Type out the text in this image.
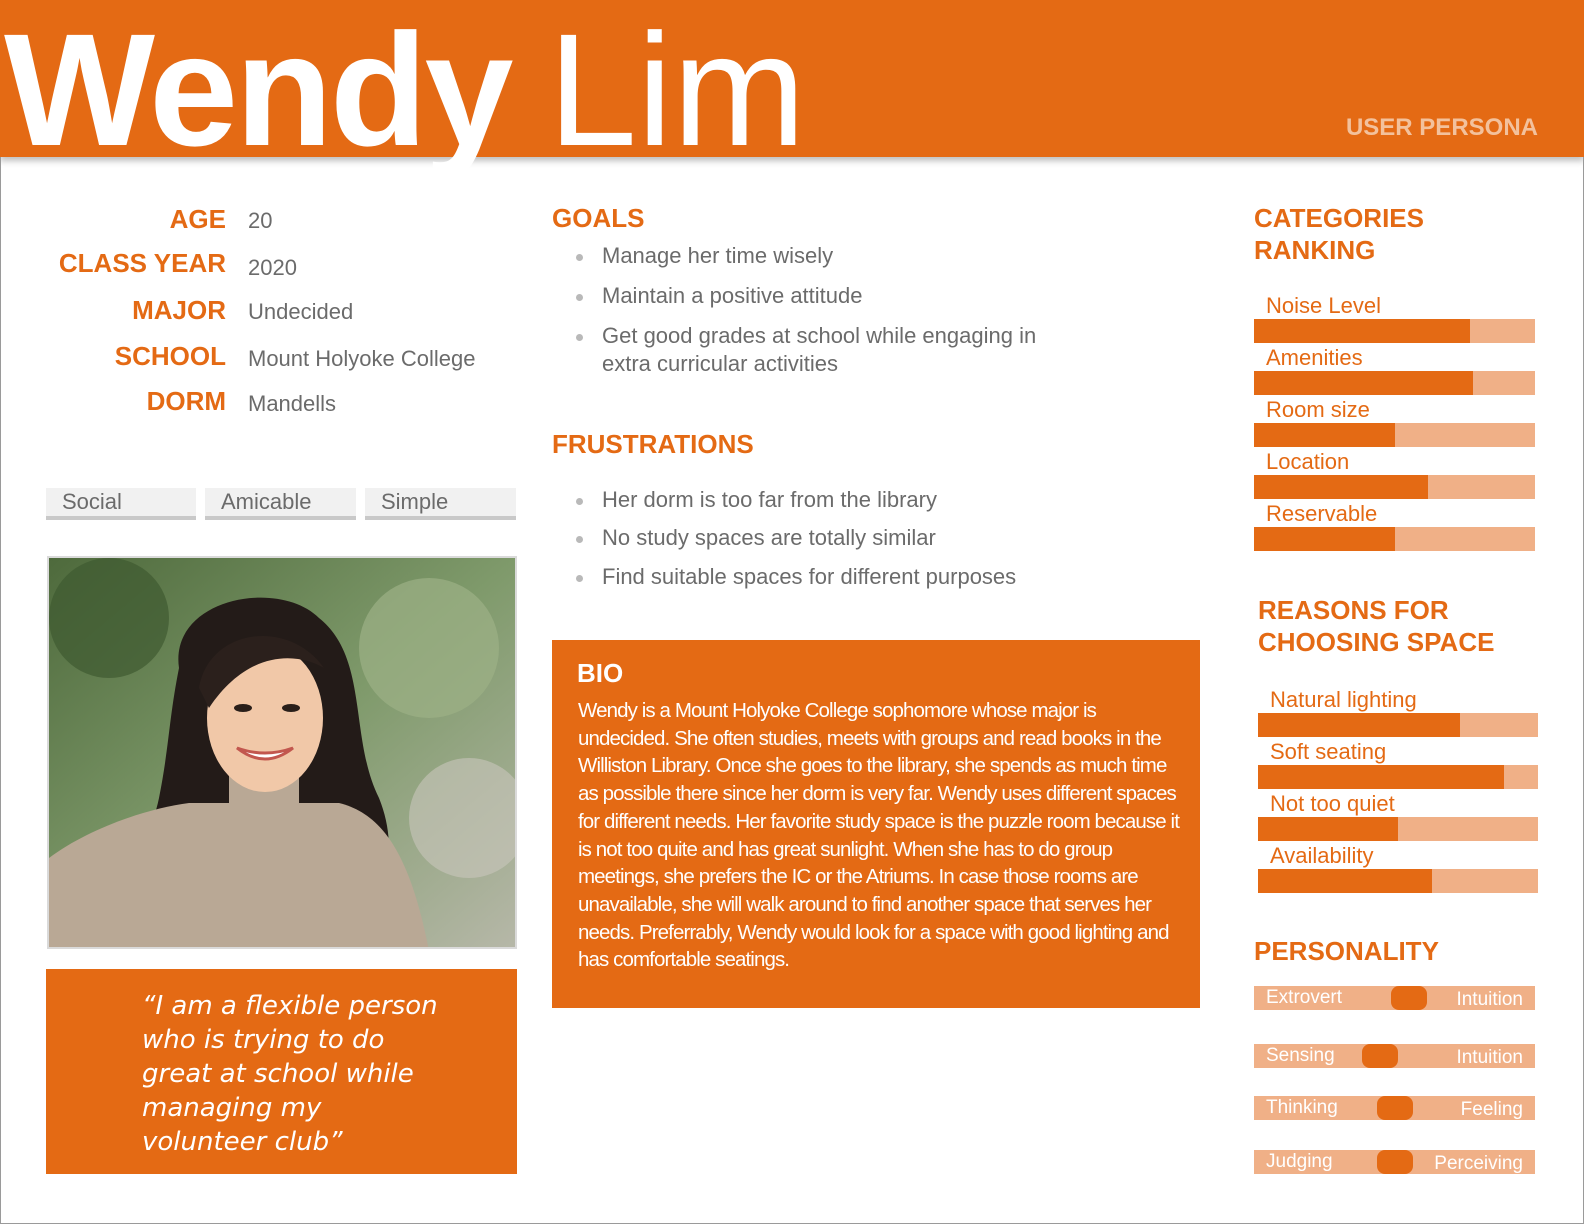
Wendy Lim	USER PERSONA
AGE 20
CLASS YEAR 2020
MAJOR Undecided
SCHOOL Mount Holyoke College
DORM Mandells
Social	Amicable	Simple
“I am a flexible person who is trying to do great at school while managing my volunteer club”
GOALS
Manage her time wisely
Maintain a positive attitude
Get good grades at school while engaging in extra curricular activities
FRUSTRATIONS
Her dorm is too far from the library
No study spaces are totally similar
Find suitable spaces for different purposes
BIO
Wendy is a Mount Holyoke College sophomore whose major is undecided. She often studies, meets with groups and read books in the Williston Library. Once she goes to the library, she spends as much time as possible there since her dorm is very far. Wendy uses different spaces for different needs. Her favorite study space is the puzzle room because it is not too quite and has great sunlight. When she has to do group meetings, she prefers the IC or the Atriums. In case those rooms are unavailable, she will walk around to find another space that serves her needs. Preferrably, Wendy would look for a space with good lighting and has comfortable seatings.
CATEGORIES
RANKING
Noise Level
Amenities
Room size
Location
Reservable
REASONS FOR
CHOOSING SPACE
Natural lighting
Soft seating
Not too quiet
Availability
PERSONALITY
Extrovert	Intuition
Sensing	Intuition
Thinking	Feeling
Judging	Perceiving
